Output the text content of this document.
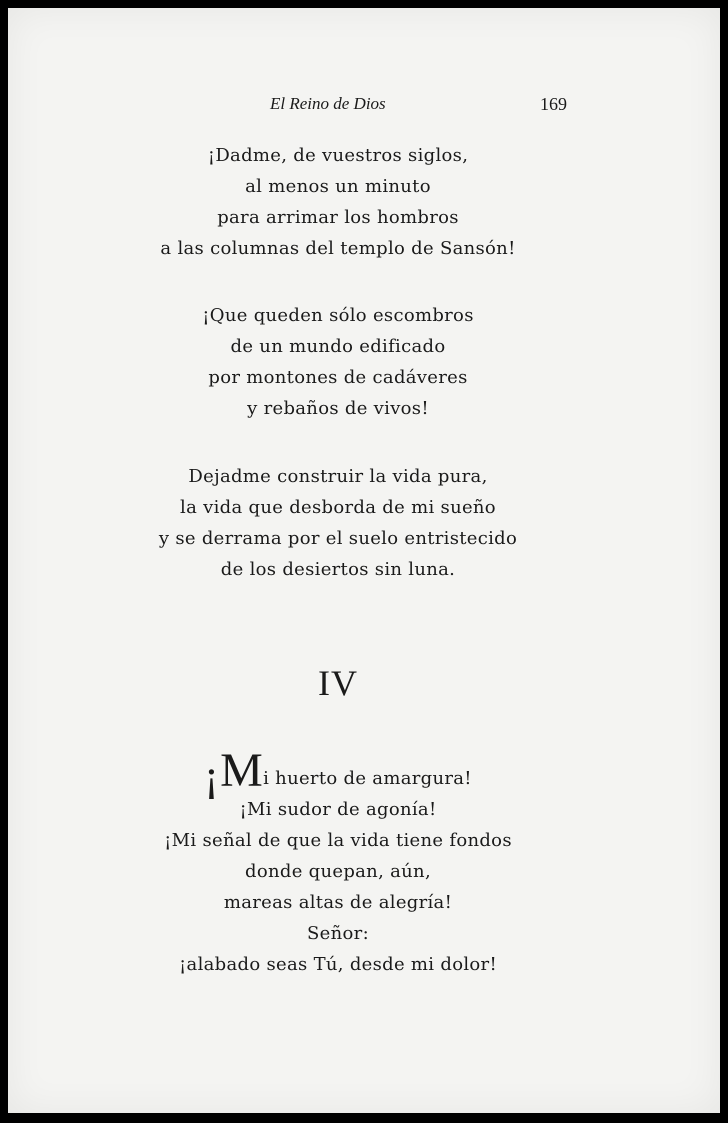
El Reino de Dios	169
¡Dadme, de vuestros siglos,
al menos un minuto
para arrimar los hombros
a las columnas del templo de Sansón!
¡Que queden sólo escombros
de un mundo edificado
por montones de cadáveres
y rebaños de vivos!
Dejadme construir la vida pura,
la vida que desborda de mi sueño
y se derrama por el suelo entristecido
de los desiertos sin luna.
IV
¡Mi huerto de amargura!
¡Mi sudor de agonía!
¡Mi señal de que la vida tiene fondos
donde quepan, aún,
mareas altas de alegría!
Señor:
¡alabado seas Tú, desde mi dolor!
